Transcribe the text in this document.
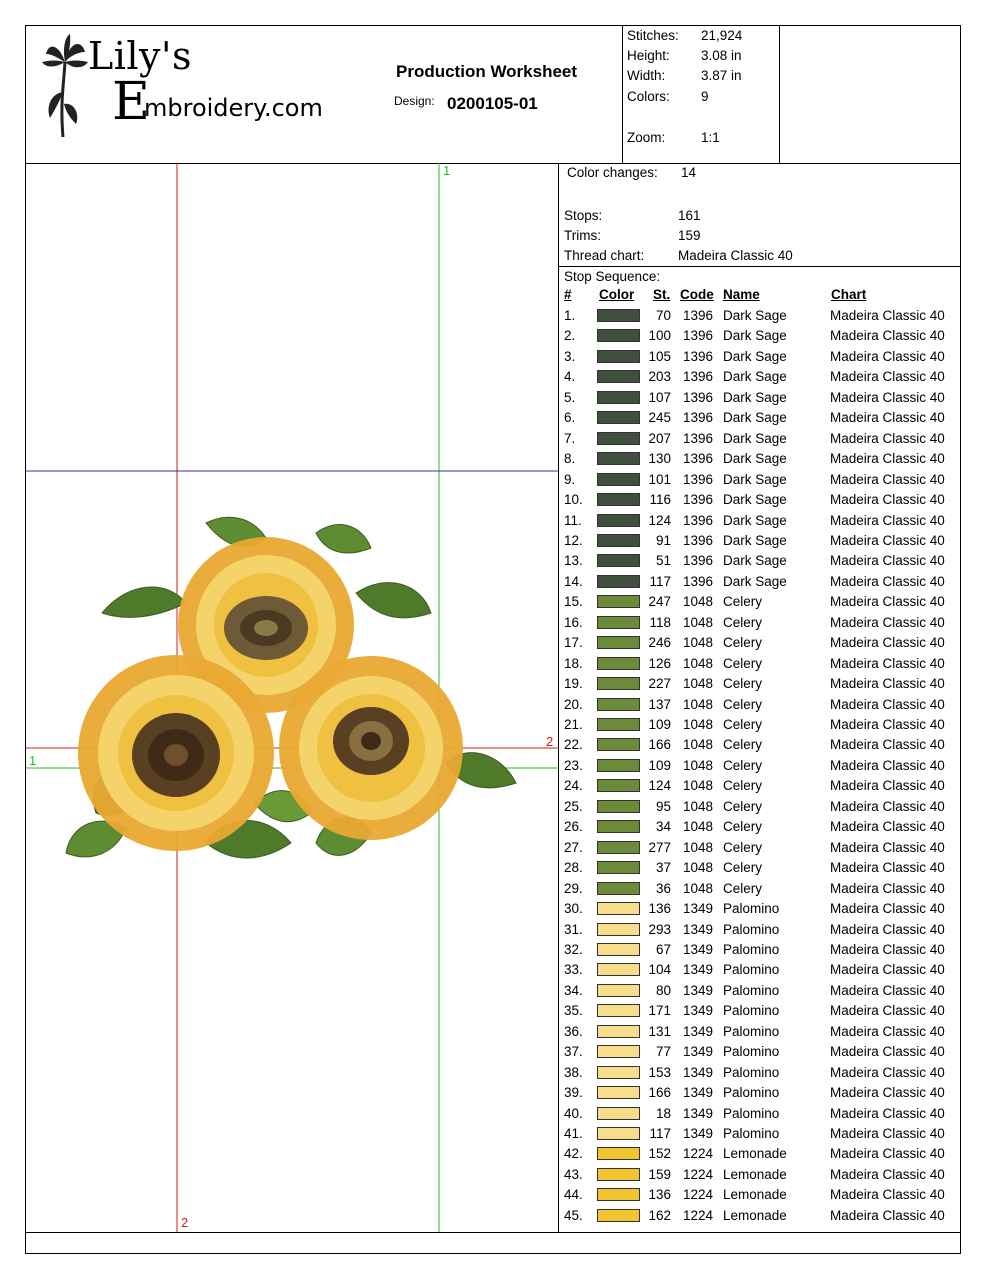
Lily's
E
mbroidery.com
Production Worksheet
Design: 0200105-01
Stitches: 21,924
Height: 3.08 in
Width:	3.87 in
Colors: 9
Zoom:	1:1
1
1
2
2
Color changes: 14
Stops:	161
Trims:	159
Thread chart: Madeira Classic 40
Stop Sequence:
# Color St. Code Name	Chart
1.	70 1396 Dark Sage	Madeira Classic 40
2.	100 1396 Dark Sage	Madeira Classic 40
3.	105 1396 Dark Sage	Madeira Classic 40
4.	203 1396 Dark Sage	Madeira Classic 40
5.	107 1396 Dark Sage	Madeira Classic 40
6.	245 1396 Dark Sage	Madeira Classic 40
7.	207 1396 Dark Sage	Madeira Classic 40
8.	130 1396 Dark Sage	Madeira Classic 40
9.	101 1396 Dark Sage	Madeira Classic 40
10.	116 1396 Dark Sage	Madeira Classic 40
11.	124 1396 Dark Sage	Madeira Classic 40
12.	91 1396 Dark Sage	Madeira Classic 40
13.	51 1396 Dark Sage	Madeira Classic 40
14.	117 1396 Dark Sage	Madeira Classic 40
15.	247 1048 Celery	Madeira Classic 40
16.	118 1048 Celery	Madeira Classic 40
17.	246 1048 Celery	Madeira Classic 40
18.	126 1048 Celery	Madeira Classic 40
19.	227 1048 Celery	Madeira Classic 40
20.	137 1048 Celery	Madeira Classic 40
21.	109 1048 Celery	Madeira Classic 40
22.	166 1048 Celery	Madeira Classic 40
23.	109 1048 Celery	Madeira Classic 40
24.	124 1048 Celery	Madeira Classic 40
25.	95 1048 Celery	Madeira Classic 40
26.	34 1048 Celery	Madeira Classic 40
27.	277 1048 Celery	Madeira Classic 40
28.	37 1048 Celery	Madeira Classic 40
29.	36 1048 Celery	Madeira Classic 40
30.	136 1349 Palomino	Madeira Classic 40
31.	293 1349 Palomino	Madeira Classic 40
32.	67 1349 Palomino	Madeira Classic 40
33.	104 1349 Palomino	Madeira Classic 40
34.	80 1349 Palomino	Madeira Classic 40
35.	171 1349 Palomino	Madeira Classic 40
36.	131 1349 Palomino	Madeira Classic 40
37.	77 1349 Palomino	Madeira Classic 40
38.	153 1349 Palomino	Madeira Classic 40
39.	166 1349 Palomino	Madeira Classic 40
40.	18 1349 Palomino	Madeira Classic 40
41.	117 1349 Palomino	Madeira Classic 40
42.	152 1224 Lemonade	Madeira Classic 40
43.	159 1224 Lemonade	Madeira Classic 40
44.	136 1224 Lemonade	Madeira Classic 40
45.	162 1224 Lemonade	Madeira Classic 40
